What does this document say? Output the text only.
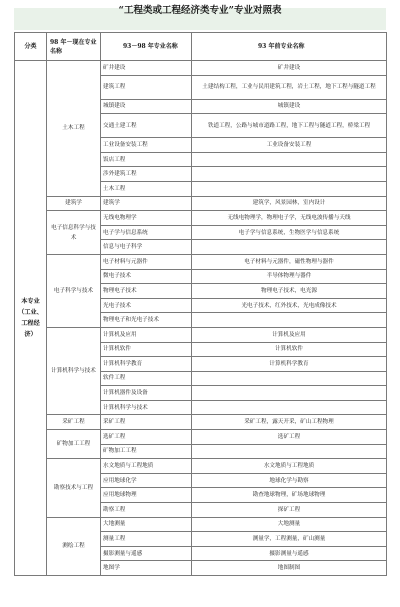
“工程类或工程经济类专业”专业对照表
分类	98 年－现在专业名称	93－98 年专业名称	93 年前专业名称
本专业（工业、工程经济）	土木工程	矿井建设	矿井建设
		建筑工程	土建结构工程，工业与民用建筑工程，岩土工程，地下工程与隧道工程
		城镇建设	城镇建设
		交通土建工程	铁道工程，公路与城市道路工程，地下工程与隧道工程，桥梁工程
		工业设备安装工程	工业设备安装工程
		饭店工程	
		涉外建筑工程	
		土木工程	
	建筑学	建筑学	建筑学，风景园林，室内设计
	电子信息科学与技术	无线电物理学	无线电物理学，物理电子学，无线电波传播与天线
		电子学与信息系统	电子学与信息系统，生物医学与信息系统
		信息与电子科学	
	电子科学与技术	电子材料与元器件	电子材料与元器件，磁性物理与器件
		微电子技术	半导体物理与器件
		物理电子技术	物理电子技术，电光源
		光电子技术	光电子技术，红外技术，光电成像技术
		物理电子和光电子技术	
	计算机科学与技术	计算机及应用	计算机及应用
		计算机软件	计算机软件
		计算机科学教育	计算机科学教育
		软件工程	
		计算机器件及设备	
		计算机科学与技术	
	采矿工程	采矿工程	采矿工程，露天开采，矿山工程物理
	矿物加工工程	选矿工程	选矿工程
		矿物加工工程	
	勘察技术与工程	水文地质与工程地质	水文地质与工程地质
		应用地球化学	地球化学与勘察
		应用地球物理	勘查地球物理，矿场地球物理
		勘察工程	探矿工程
	测绘工程	大地测量	大地测量
		测量工程	测量学，工程测量，矿山测量
		摄影测量与遥感	摄影测量与遥感
		地图学	地图制图
